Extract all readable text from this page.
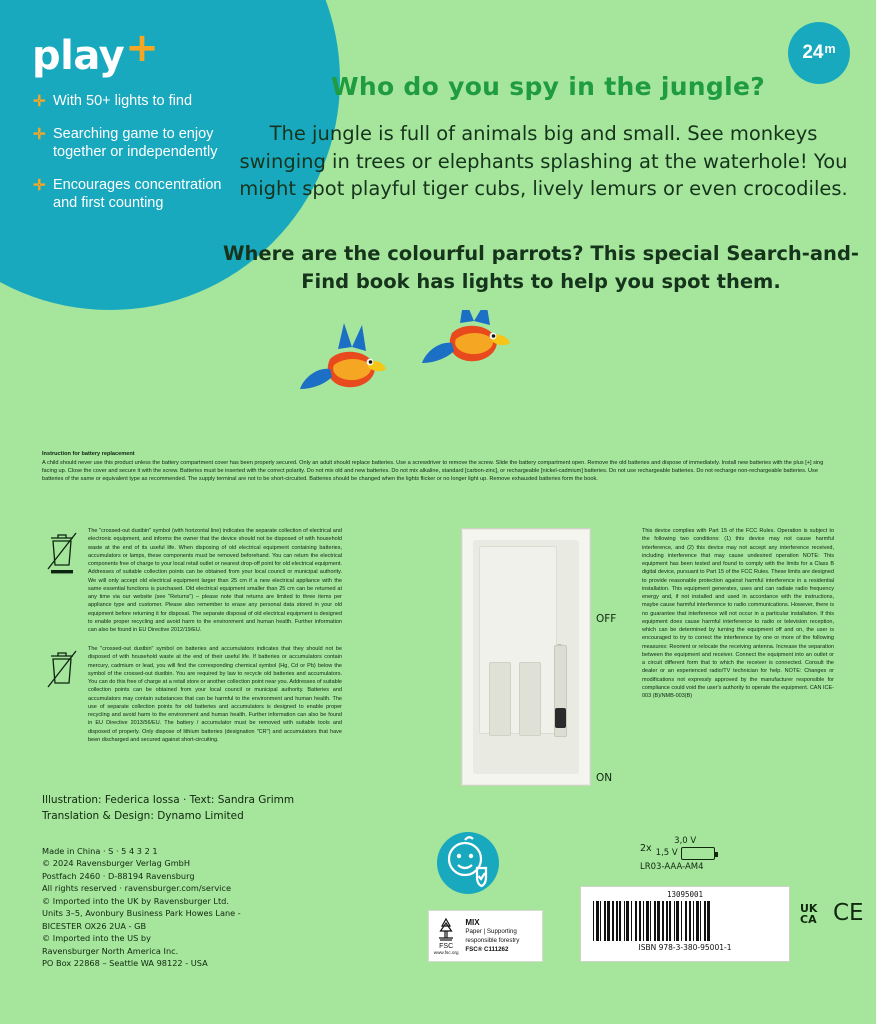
play+
✛ With 50+ lights to find
✛ Searching game to enjoy together or independently
✛ Encourages concentration and first counting
24 m
Who do you spy in the jungle?
The jungle is full of animals big and small. See monkeys swinging in trees or elephants splashing at the waterhole! You might spot playful tiger cubs, lively lemurs or even crocodiles.
Where are the colourful parrots? This special Search-and-Find book has lights to help you spot them.
Instruction for battery replacement
A child should never use this product unless the battery compartment cover has been properly secured. Only an adult should replace batteries. Use a screwdriver to remove the screw. Slide the battery compartment open. Remove the old batteries and dispose of immediately. Install new batteries with the plus [+] sing facing up. Close the cover and secure it with the screw. Batteries must be inserted with the correct polarity. Do not mix old and new batteries. Do not mix alkaline, standard [carbon-zinc], or rechargeable [nickel-cadmium] batteries. Do not use rechargeable batteries. Do not recharge non-rechargeable batteries. Use batteries of the same or equivalent type as recommended. The supply terminal are not to be short-circuited. Batteries should be changed when the lights flicker or no longer light up. Remove exhausted batteries form the book.
The "crossed-out dustbin" symbol (with horizontal line) indicates the separate collection of electrical and electronic equipment, and informs the owner that the device should not be disposed of with household waste at the end of its useful life. When disposing of old electrical equipment containing batteries, accumulators or lamps, these components must be removed beforehand. You can return the electrical components free of charge to your local retail outlet or nearest drop-off point for old electrical equipment. Addresses of suitable collection points can be obtained from your local council or municipal authority. We will only accept old electrical equipment larger than 25 cm if a new electrical appliance with the same essential functions is purchased. Old electrical equipment smaller than 25 cm can be returned at any time via our website (see "Returns") – please note that returns are limited to three items per appliance type and customer. Please also remember to erase any personal data stored in your old equipment before returning it for disposal. The separate disposal of old electrical equipment is designed to enable proper recycling and avoid harm to the environment and human health. Further information can also be found in EU Directive 2012/19/EU.
The "crossed-out dustbin" symbol on batteries and accumulators indicates that they should not be disposed of with household waste at the end of their useful life. If batteries or accumulators contain mercury, cadmium or lead, you will find the corresponding chemical symbol (Hg, Cd or Pb) below the symbol of the crossed-out dustbin. You are required by law to recycle old batteries and accumulators. You can do this free of charge at a retail store or another collection point near you. Addresses of suitable collection points can be obtained from your local council or municipal authority. Batteries and accumulators may contain substances that can be harmful to the environment and human health. The use of separate collection points for old batteries and accumulators is designed to enable proper recycling and avoid harm to the environment and human health. Further information can also be found in EU Directive 2013/56/EU. The battery / accumulator must be removed with suitable tools and disposed of properly. Only dispose of lithium batteries (designation "CR") and accumulators that have been discharged and secured against short-circuiting.
This device complies with Part 15 of the FCC Rules. Operation is subject to the following two conditions: (1) this device may not cause harmful interference, and (2) this device may not accept any interference received, including interference that may cause undesired operation NOTE: This equipment has been tested and found to comply with the limits for a Class B digital device, pursuant to Part 15 of the FCC Rules. These limits are designed to provide reasonable protection against harmful interference in a residential installation. This equipment generates, uses and can radiate radio frequency energy and, if not installed and used in accordance with the instructions, maybe cause harmful interference to radio communications. However, there is no guarantee that interference will not occur in a particular installation. If this equipment does cause harmful interference to radio or television reception, which can be determined by turning the equipment off and on, the user is encouraged to try to correct the interference by one or more of the following measures: Reorient or relocate the receiving antenna. Increase the separation between the equipment and receiver. Connect the equipment into an outlet or a circuit different form that to which the receiver is connected. Consult the dealer or an experienced radio/TV technician for help. NOTE: Changes or modifications not expressly approved by the manufacturer responsible for compliance could void the user's authority to operate the equipment. CAN ICE-003 (B)/NMB-003(B)
OFF
ON
Illustration: Federica Iossa · Text: Sandra Grimm
Translation & Design: Dynamo Limited
Made in China · S · 5 4 3 2 1
© 2024 Ravensburger Verlag GmbH
Postfach 2460 · D-88194 Ravensburg
All rights reserved · ravensburger.com/service
© Imported into the UK by Ravensburger Ltd.
Units 3–5, Avonbury Business Park Howes Lane -
BICESTER OX26 2UA - GB
© Imported into the US by
Ravensburger North America Inc.
PO Box 22868 – Seattle WA 98122 - USA
FSC
www.fsc.org
MIX
Paper | Supporting responsible forestry
FSC® C111262
2x
3,0 V
1,5 V
LR03-AAA-AM4
13095001
ISBN 978-3-380-95001-1
UK
CA CE
